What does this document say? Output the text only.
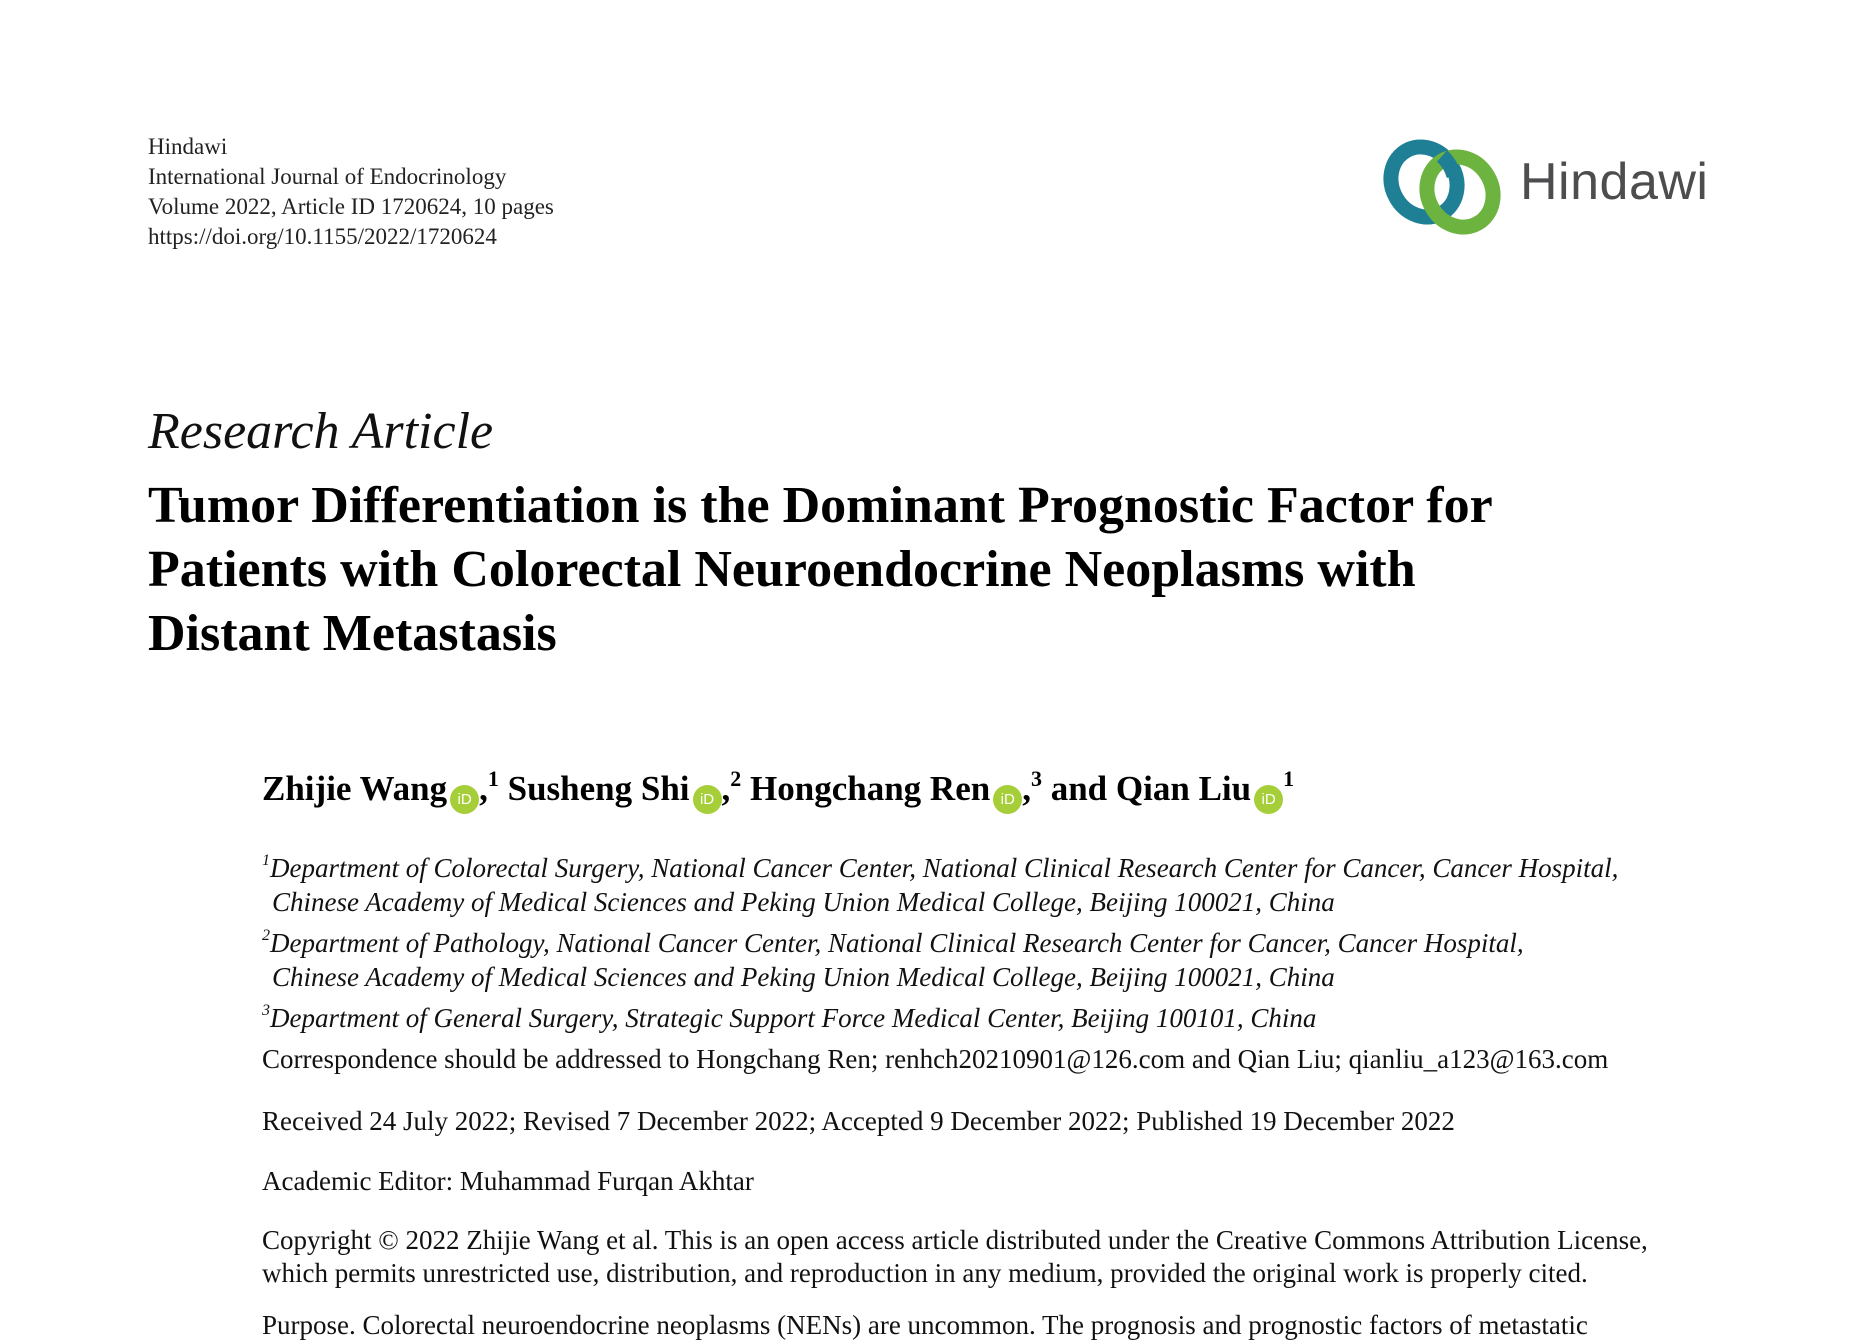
Hindawi
International Journal of Endocrinology
Volume 2022, Article ID 1720624, 10 pages
https://doi.org/10.1155/2022/1720624
Hindawi
Research Article
Tumor Differentiation is the Dominant Prognostic Factor for
Patients with Colorectal Neuroendocrine Neoplasms with
Distant Metastasis
Zhijie Wang iD ,$^1$ Susheng Shi iD ,$^2$ Hongchang Ren iD ,$^3$ and Qian Liu $iD^1$
$^1$Department of Colorectal Surgery, National Cancer Center, National Clinical Research Center for Cancer, Cancer Hospital,
Chinese Academy of Medical Sciences and Peking Union Medical College, Beijing 100021, China
$^2$Department of Pathology, National Cancer Center, National Clinical Research Center for Cancer, Cancer Hospital,
Chinese Academy of Medical Sciences and Peking Union Medical College, Beijing 100021, China
$^3$Department of General Surgery, Strategic Support Force Medical Center, Beijing 100101, China
Correspondence should be addressed to Hongchang Ren; renhch20210901@126.com and Qian Liu; qianliu_a123@163.com
Received 24 July 2022; Revised 7 December 2022; Accepted 9 December 2022; Published 19 December 2022
Academic Editor: Muhammad Furqan Akhtar
Copyright © 2022 Zhijie Wang et al. This is an open access article distributed under the Creative Commons Attribution License,
which permits unrestricted use, distribution, and reproduction in any medium, provided the original work is properly cited.
Purpose. Colorectal neuroendocrine neoplasms (NENs) are uncommon. The prognosis and prognostic factors of metastatic
